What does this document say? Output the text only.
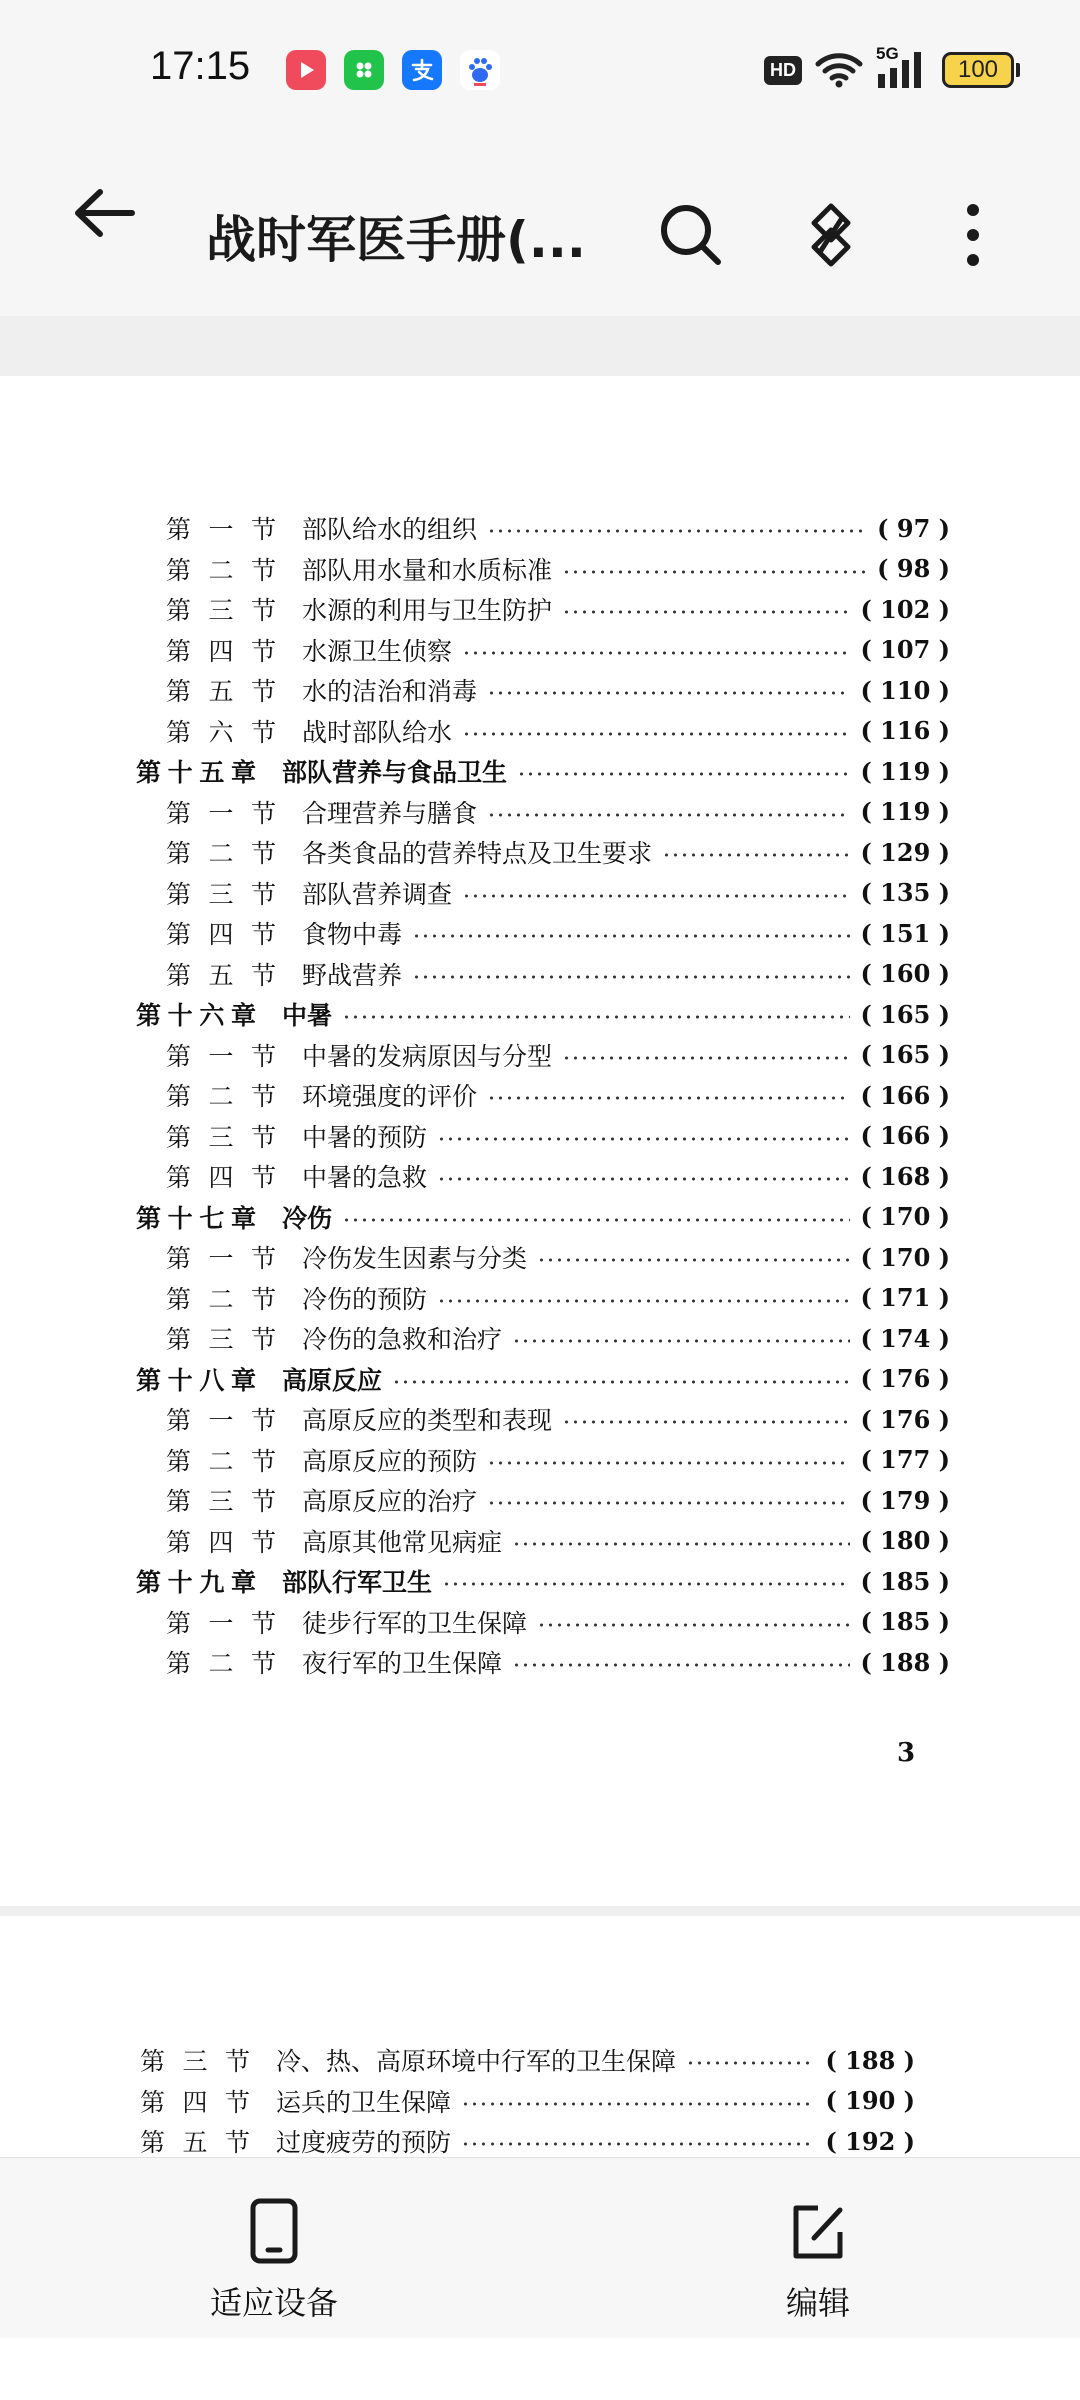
17:15	HD
5G
100
战时军医手册(...
第一节 部队给水的组织	( 97 )
第二节 部队用水量和水质标准	( 98 )
第三节 水源的利用与卫生防护	( 102 )
第四节 水源卫生侦察	( 107 )
第五节 水的洁治和消毒	( 110 )
第六节 战时部队给水	( 116 )
第十五章 部队营养与食品卫生	( 119 )
第一节 合理营养与膳食	( 119 )
第二节 各类食品的营养特点及卫生要求	( 129 )
第三节 部队营养调查	( 135 )
第四节 食物中毒	( 151 )
第五节 野战营养	( 160 )
第十六章 中暑	( 165 )
第一节 中暑的发病原因与分型	( 165 )
第二节 环境强度的评价	( 166 )
第三节 中暑的预防	( 166 )
第四节 中暑的急救	( 168 )
第十七章 冷伤	( 170 )
第一节 冷伤发生因素与分类	( 170 )
第二节 冷伤的预防	( 171 )
第三节 冷伤的急救和治疗	( 174 )
第十八章 高原反应	( 176 )
第一节 高原反应的类型和表现	( 176 )
第二节 高原反应的预防	( 177 )
第三节 高原反应的治疗	( 179 )
第四节 高原其他常见病症	( 180 )
第十九章 部队行军卫生	( 185 )
第一节 徒步行军的卫生保障	( 185 )
第二节 夜行军的卫生保障	( 188 )
3
第三节 冷、热、高原环境中行军的卫生保障	( 188 )
第四节 运兵的卫生保障	( 190 )
第五节 过度疲劳的预防	( 192 )
适应设备	编辑
